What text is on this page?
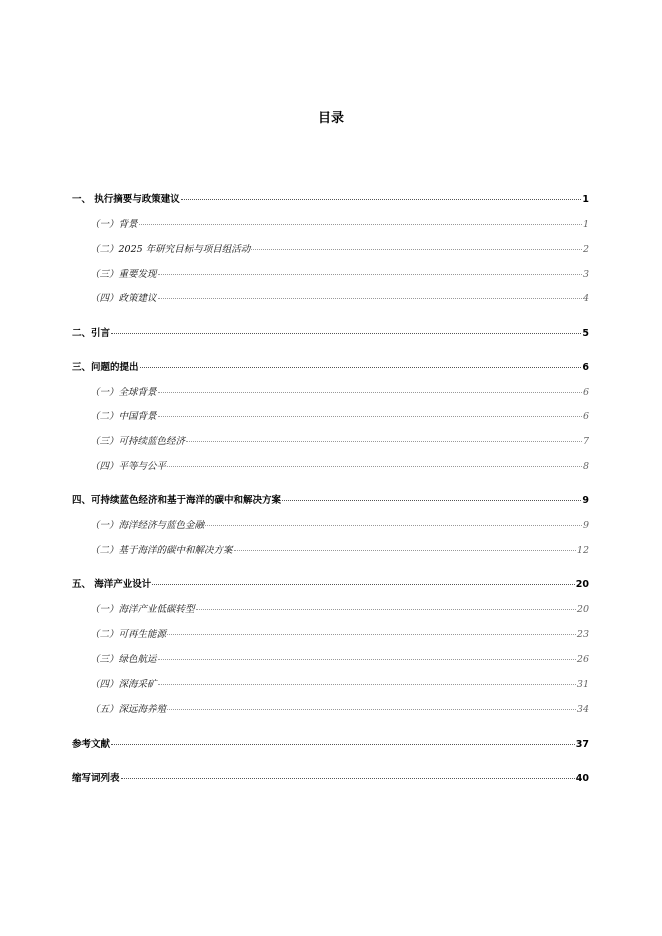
目录
一、 执行摘要与政策建议	1
（一）背景	1
（二）2025 年研究目标与项目组活动	2
（三）重要发现	3
（四）政策建议	4
二、引言	5
三、问题的提出	6
（一）全球背景	6
（二）中国背景	6
（三）可持续蓝色经济	7
（四）平等与公平	8
四、可持续蓝色经济和基于海洋的碳中和解决方案	9
（一）海洋经济与蓝色金融	9
（二）基于海洋的碳中和解决方案	12
五、 海洋产业设计	20
（一）海洋产业低碳转型	20
（二）可再生能源	23
（三）绿色航运	26
（四）深海采矿	31
（五）深远海养殖	34
参考文献	37
缩写词列表	40
